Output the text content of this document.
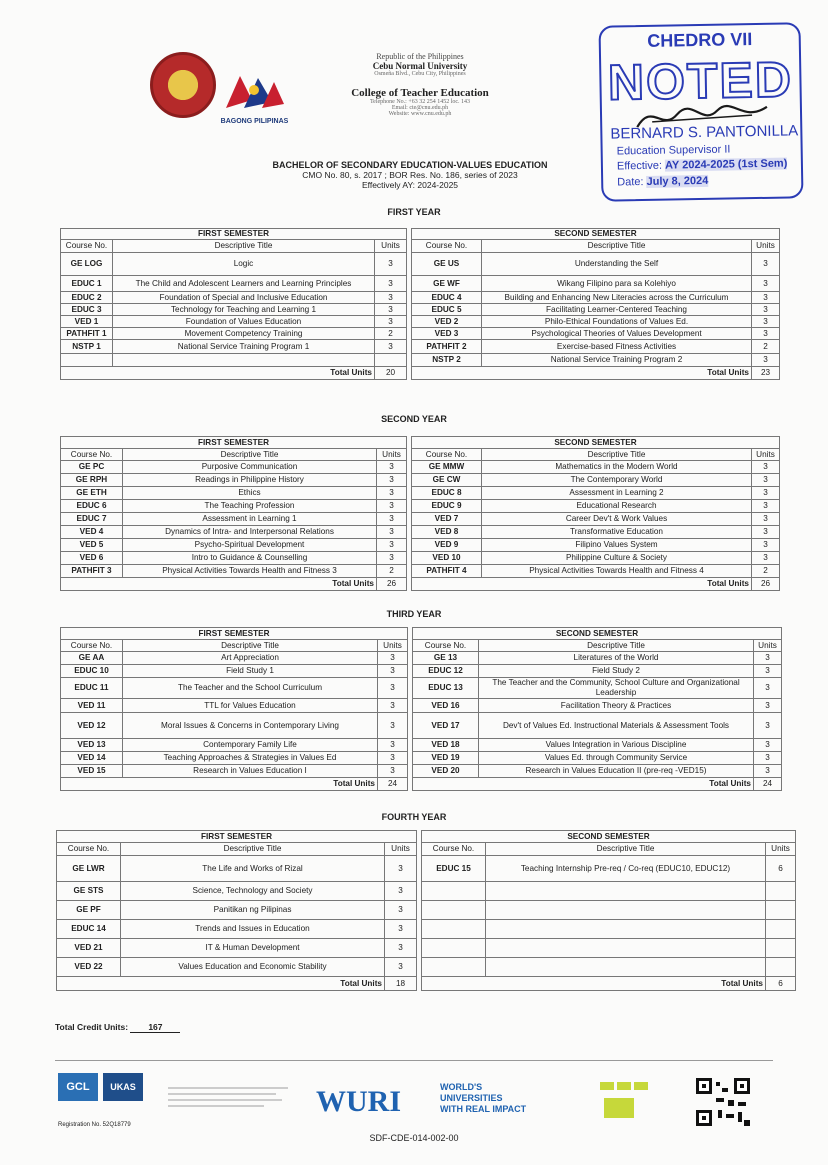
BAGONG PILIPINAS
Republic of the Philippines
Cebu Normal University
Osmeña Blvd., Cebu City, Philippines
College of Teacher Education
Telephone No.: +63 32 254 1452 loc. 143
Email: cte@cnu.edu.ph
Website: www.cnu.edu.ph
CHEDRO VII
NOTED
BERNARD S. PANTONILLA
Education Supervisor II
Effective: AY 2024-2025 (1st Sem)
Date: July 8, 2024
BACHELOR OF SECONDARY EDUCATION-VALUES EDUCATION
CMO No. 80, s. 2017 ; BOR Res. No. 186, series of 2023
Effectively AY: 2024-2025
FIRST YEAR
FIRST SEMESTER				SECOND SEMESTER		
Course No.	Descriptive Title	Units		Course No.	Descriptive Title	Units
GE LOG	Logic	3		GE US	Understanding the Self	3
EDUC 1	The Child and Adolescent Learners and Learning Principles	3		GE WF	Wikang Filipino para sa Kolehiyo	3
EDUC 2	Foundation of Special and Inclusive Education	3		EDUC 4	Building and Enhancing New Literacies across the Curriculum	3
EDUC 3	Technology for Teaching and Learning 1	3		EDUC 5	Facilitating Learner-Centered Teaching	3
VED 1	Foundation of Values Education	3		VED 2	Philo-Ethical Foundations of Values Ed.	3
PATHFIT 1	Movement Competency Training	2		VED 3	Psychological Theories of Values Development	3
NSTP 1	National Service Training Program 1	3		PATHFIT 2	Exercise-based Fitness Activities	2
				NSTP 2	National Service Training Program 2	3
Total Units		20		Total Units		23
SECOND YEAR
FIRST SEMESTER				SECOND SEMESTER		
Course No.	Descriptive Title	Units		Course No.	Descriptive Title	Units
GE PC	Purposive Communication	3		GE MMW	Mathematics in the Modern World	3
GE RPH	Readings in Philippine History	3		GE CW	The Contemporary World	3
GE ETH	Ethics	3		EDUC 8	Assessment in Learning 2	3
EDUC 6	The Teaching Profession	3		EDUC 9	Educational Research	3
EDUC 7	Assessment in Learning 1	3		VED 7	Career Dev't & Work Values	3
VED 4	Dynamics of Intra- and Interpersonal Relations	3		VED 8	Transformative Education	3
VED 5	Psycho-Spiritual Development	3		VED 9	Filipino Values System	3
VED 6	Intro to Guidance & Counselling	3		VED 10	Philippine Culture & Society	3
PATHFIT 3	Physical Activities Towards Health and Fitness 3	2		PATHFIT 4	Physical Activities Towards Health and Fitness 4	2
Total Units		26		Total Units		26
THIRD YEAR
FIRST SEMESTER				SECOND SEMESTER		
Course No.	Descriptive Title	Units		Course No.	Descriptive Title	Units
GE AA	Art Appreciation	3		GE 13	Literatures of the World	3
EDUC 10	Field Study 1	3		EDUC 12	Field Study 2	3
EDUC 11	The Teacher and the School Curriculum	3		EDUC 13	The Teacher and the Community, School Culture and Organizational Leadership	3
VED 11	TTL for Values Education	3		VED 16	Facilitation Theory & Practices	3
VED 12	Moral Issues & Concerns in Contemporary Living	3		VED 17	Dev't of Values Ed. Instructional Materials & Assessment Tools	3
VED 13	Contemporary Family Life	3		VED 18	Values Integration in Various Discipline	3
VED 14	Teaching Approaches & Strategies in Values Ed	3		VED 19	Values Ed. through Community Service	3
VED 15	Research in Values Education I	3		VED 20	Research in Values Education II (pre-req -VED15)	3
Total Units		24		Total Units		24
FOURTH YEAR
FIRST SEMESTER				SECOND SEMESTER		
Course No.	Descriptive Title	Units		Course No.	Descriptive Title	Units
GE LWR	The Life and Works of Rizal	3		EDUC 15	Teaching Internship Pre-req / Co-req (EDUC10, EDUC12)	6
GE STS	Science, Technology and Society	3				
GE PF	Panitikan ng Pilipinas	3				
EDUC 14	Trends and Issues in Education	3				
VED 21	IT & Human Development	3				
VED 22	Values Education and Economic Stability	3				
Total Units		18		Total Units		6
Total Credit Units: 167
GCL	UKAS
Registration No. 52Q18779
WURI	WORLD'S
UNIVERSITIES
WITH REAL IMPACT
SDF-CDE-014-002-00
